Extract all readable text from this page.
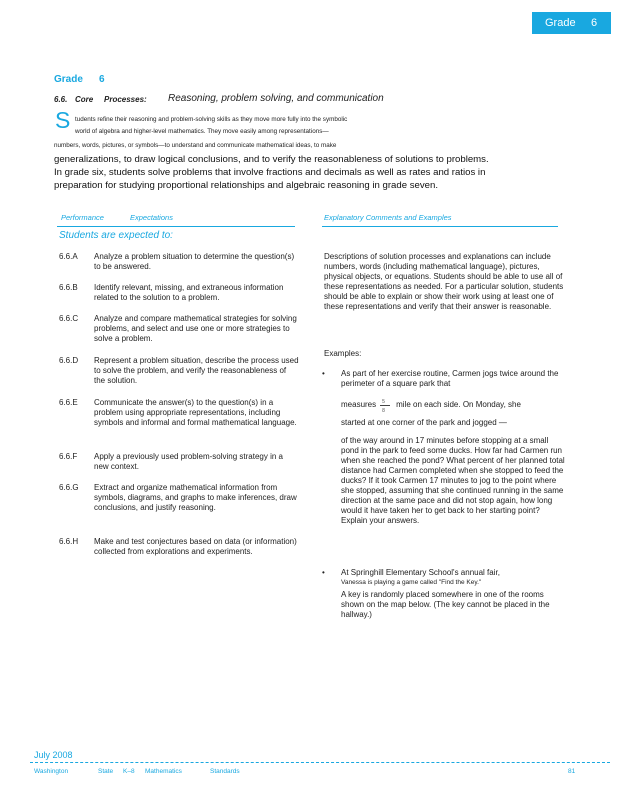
Grade 6
Grade 6
6.6. Core Processes: Reasoning, problem solving, and communication
S tudents refine their reasoning and problem-solving skills as they move more fully into the symbolic
world of algebra and higher-level mathematics. They move easily among representations—
numbers, words, pictures, or symbols—to understand and communicate mathematical ideas, to make
generalizations, to draw logical conclusions, and to verify the reasonableness of solutions to problems.
In grade six, students solve problems that involve fractions and decimals as well as rates and ratios in
preparation for studying proportional relationships and algebraic reasoning in grade seven.
Performance	Expectations	Explanatory Comments and Examples
Students are expected to:
6.6.A Analyze a problem situation to determine the question(s) to be answered.
6.6.B Identify relevant, missing, and extraneous information related to the solution to a problem.
6.6.C Analyze and compare mathematical strategies for solving problems, and select and use one or more strategies to solve a problem.
6.6.D Represent a problem situation, describe the process used to solve the problem, and verify the reasonableness of the solution.
6.6.E Communicate the answer(s) to the question(s) in a problem using appropriate representations, including symbols and informal and formal mathematical language.
6.6.F Apply a previously used problem-solving strategy in a new context.
6.6.G Extract and organize mathematical information from symbols, diagrams, and graphs to make inferences, draw conclusions, and justify reasoning.
6.6.H Make and test conjectures based on data (or information) collected from explorations and experiments.
Descriptions of solution processes and explanations can include numbers, words (including mathematical language), pictures, physical objects, or equations. Students should be able to use all of these representations as needed. For a particular solution, students should be able to explain or show their work using at least one of these representations and verify that their answer is reasonable.
Examples:
• As part of her exercise routine, Carmen jogs twice around the perimeter of a square park that
measures $\frac{5}{8}$ mile on each side. On Monday, she
started at one corner of the park and jogged —
of the way around in 17 minutes before stopping at a small pond in the park to feed some ducks. How far had Carmen run when she reached the pond? What percent of her planned total distance had Carmen completed when she stopped to feed the ducks? If it took Carmen 17 minutes to jog to the point where she stopped, assuming that she continued running in the same direction at the same pace and did not stop again, how long would it have taken her to get back to her starting point? Explain your answers.
• At Springhill Elementary School's annual fair,
Vanessa is playing a game called "Find the Key."
A key is randomly placed somewhere in one of the rooms shown on the map below. (The key cannot be placed in the hallway.)
July 2008
Washington	State K–8 Mathematics	Standards	81
